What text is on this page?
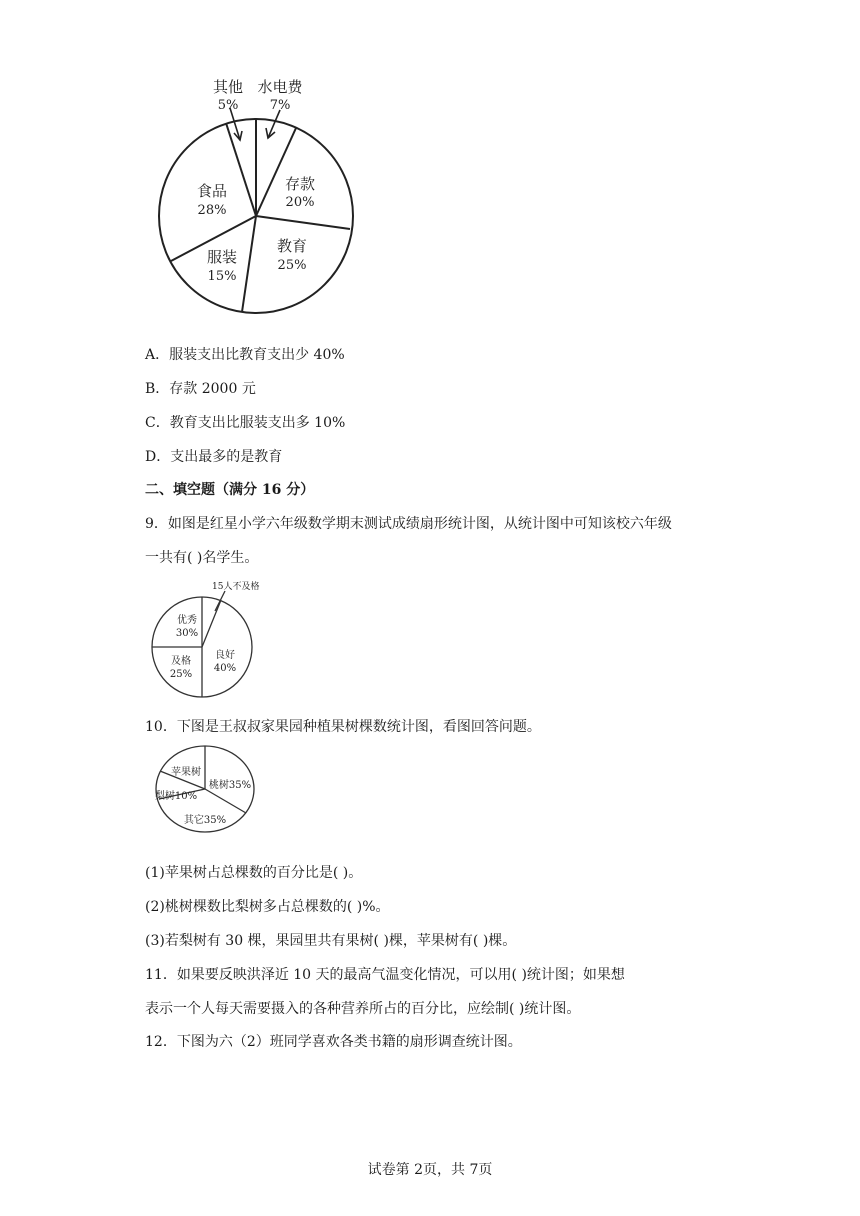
其他
5%
水电费
7%
存款
20%
教育
25%
服装
15%
食品
28%
A．服装支出比教育支出少 40%
B．存款 2000 元
C．教育支出比服装支出多 10%
D．支出最多的是教育
二、填空题（满分 16 分）
9．如图是红星小学六年级数学期末测试成绩扇形统计图，从统计图中可知该校六年级
一共有( )名学生。
15人不及格
优秀
30%
良好
40%
及格
25%
10．下图是王叔叔家果园种植果树棵数统计图，看图回答问题。
苹果树
梨树10%
桃树35%
其它35%
(1)苹果树占总棵数的百分比是( )。
(2)桃树棵数比梨树多占总棵数的( )%。
(3)若梨树有 30 棵，果园里共有果树( )棵，苹果树有( )棵。
11．如果要反映洪泽近 10 天的最高气温变化情况，可以用( )统计图；如果想
表示一个人每天需要摄入的各种营养所占的百分比，应绘制( )统计图。
12．下图为六（2）班同学喜欢各类书籍的扇形调查统计图。
试卷第 2页，共 7页
